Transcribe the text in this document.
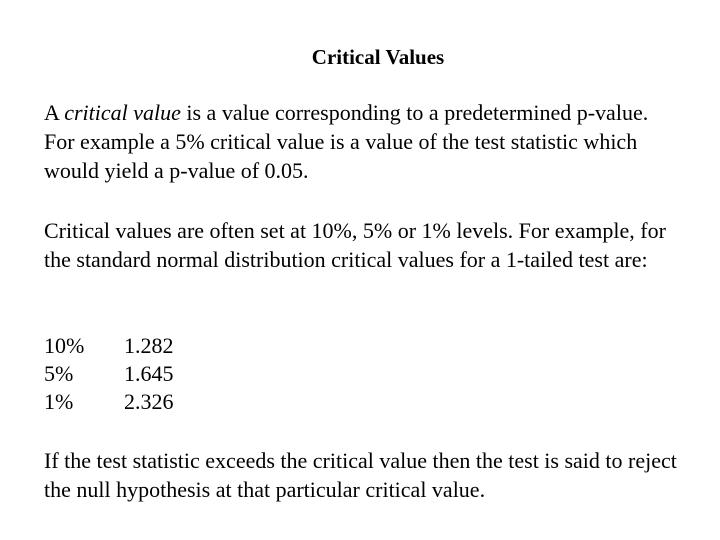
Critical Values

A critical value is a value corresponding to a predetermined p-value. For example a 5% critical value is a value of the test statistic which would yield a p-value of 0.05.

Critical values are often set at 10%, 5% or 1% levels. For example, for the standard normal distribution critical values for a 1-tailed test are:

10%	1.282
5%	1.645
1%	2.326

If the test statistic exceeds the critical value then the test is said to reject the null hypothesis at that particular critical value.
